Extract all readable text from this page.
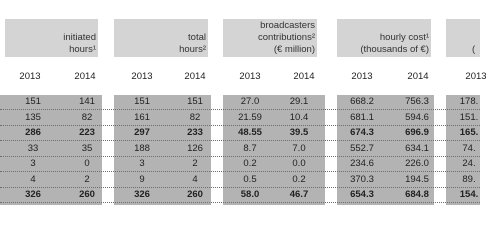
initiated
hours¹
total
hours²
broadcasters
contributions²
(€ million)
hourly cost¹
(thousands of €)	(
2013	2014	2013	2014	2013	2014	2013	2014	2013
151	141	151	151	27.0	29.1	668.2	756.3	178.
135	82	161	82	21.59	10.4	681.1	594.6	151.
286	223	297	233	48.55	39.5	674.3	696.9	165.
33	35	188	126	8.7	7.0	552.7	634.1	74.
3	0	3	2	0.2	0.0	234.6	226.0	24.
4	2	9	4	0.5	0.2	370.3	194.5	89.
326	260	326	260	58.0	46.7	654.3	684.8	154.
